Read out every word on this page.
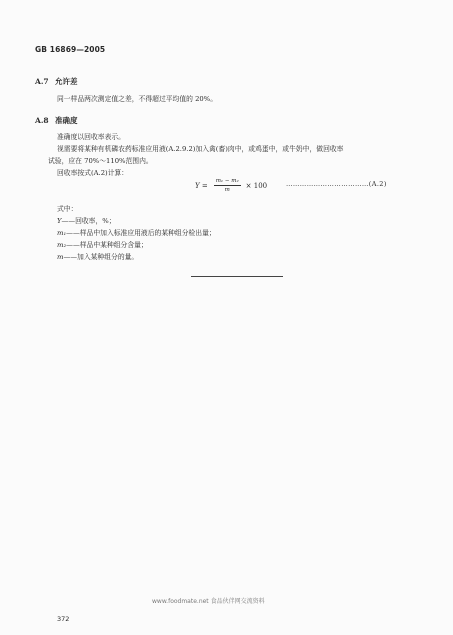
GB 16869—2005
A.7 允许差
同一样品两次测定值之差，不得超过平均值的 20%。
A.8 准确度
准确度以回收率表示。
视需要将某种有机磷农药标准应用液(A.2.9.2)加入禽(畜)肉中，或鸡蛋中，或牛奶中，做回收率
试验，应在 70%～110%范围内。
回收率按式(A.2)计算：
$Y = \frac{\text{m₁ − m₂}}{m} \times 100$	………………………………(A.2)
式中：
Y——回收率，%；
m₁——样品中加入标准应用液后的某种组分检出量；
m₂——样品中某种组分含量；
m——加入某种组分的量。
www.foodmate.net 食品伙伴网交流资料
372
